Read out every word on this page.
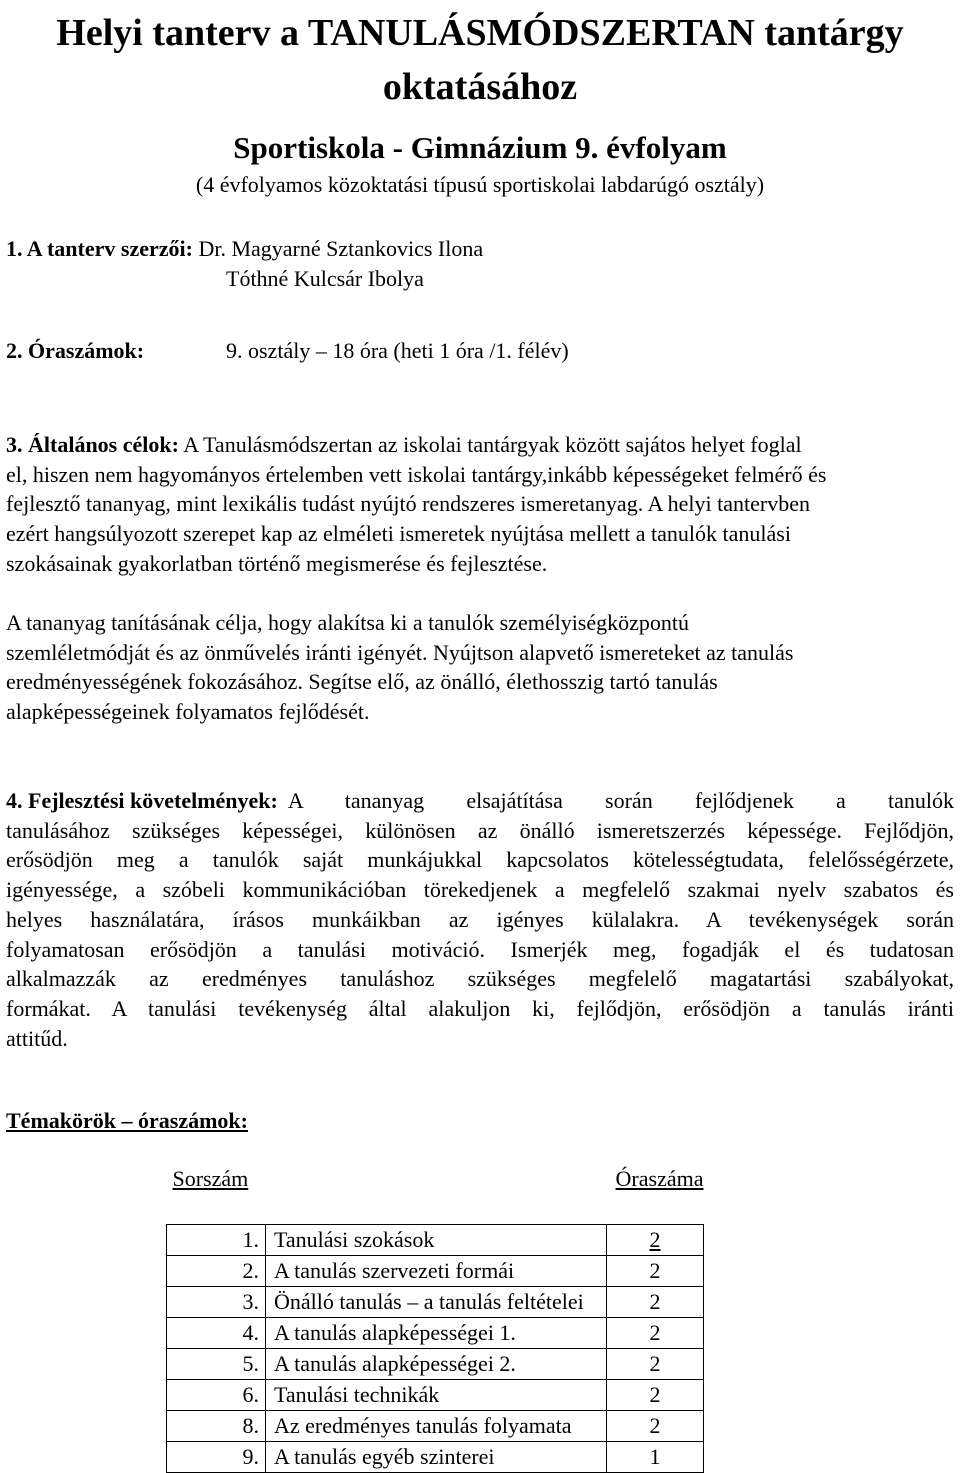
Helyi tanterv a TANULÁSMÓDSZERTAN tantárgy
oktatásához
Sportiskola - Gimnázium 9. évfolyam
(4 évfolyamos közoktatási típusú sportiskolai labdarúgó osztály)
1. A tanterv szerzői: Dr. Magyarné Sztankovics Ilona
Tóthné Kulcsár Ibolya
2. Óraszámok:	9. osztály – 18 óra (heti 1 óra /1. félév)
3. Általános célok: A Tanulásmódszertan az iskolai tantárgyak között sajátos helyet foglal
el, hiszen nem hagyományos értelemben vett iskolai tantárgy,inkább képességeket felmérő és
fejlesztő tananyag, mint lexikális tudást nyújtó rendszeres ismeretanyag. A helyi tantervben
ezért hangsúlyozott szerepet kap az elméleti ismeretek nyújtása mellett a tanulók tanulási
szokásainak gyakorlatban történő megismerése és fejlesztése.
A tananyag tanításának célja, hogy alakítsa ki a tanulók személyiségközpontú
szemléletmódját és az önművelés iránti igényét. Nyújtson alapvető ismereteket az tanulás
eredményességének fokozásához. Segítse elő, az önálló, élethosszig tartó tanulás
alapképességeinek folyamatos fejlődését.
4. Fejlesztési követelmények: A tananyag elsajátítása során fejlődjenek a tanulók
tanulásához szükséges képességei, különösen az önálló ismeretszerzés képessége. Fejlődjön,
erősödjön meg a tanulók saját munkájukkal kapcsolatos kötelességtudata, felelősségérzete,
igényessége, a szóbeli kommunikációban törekedjenek a megfelelő szakmai nyelv szabatos és
helyes használatára, írásos munkáikban az igényes külalakra. A tevékenységek során
folyamatosan erősödjön a tanulási motiváció. Ismerjék meg, fogadják el és tudatosan
alkalmazzák az eredményes tanuláshoz szükséges megfelelő magatartási szabályokat,
formákat. A tanulási tevékenység által alakuljon ki, fejlődjön, erősödjön a tanulás iránti
attitűd.
Témakörök – óraszámok:
Sorszám		Óraszáma

1.	Tanulási szokások	2
2.	A tanulás szervezeti formái	2
3.	Önálló tanulás – a tanulás feltételei	2
4.	A tanulás alapképességei 1.	2
5.	A tanulás alapképességei 2.	2
6.	Tanulási technikák	2
8.	Az eredményes tanulás folyamata	2
9.	A tanulás egyéb szinterei	1
